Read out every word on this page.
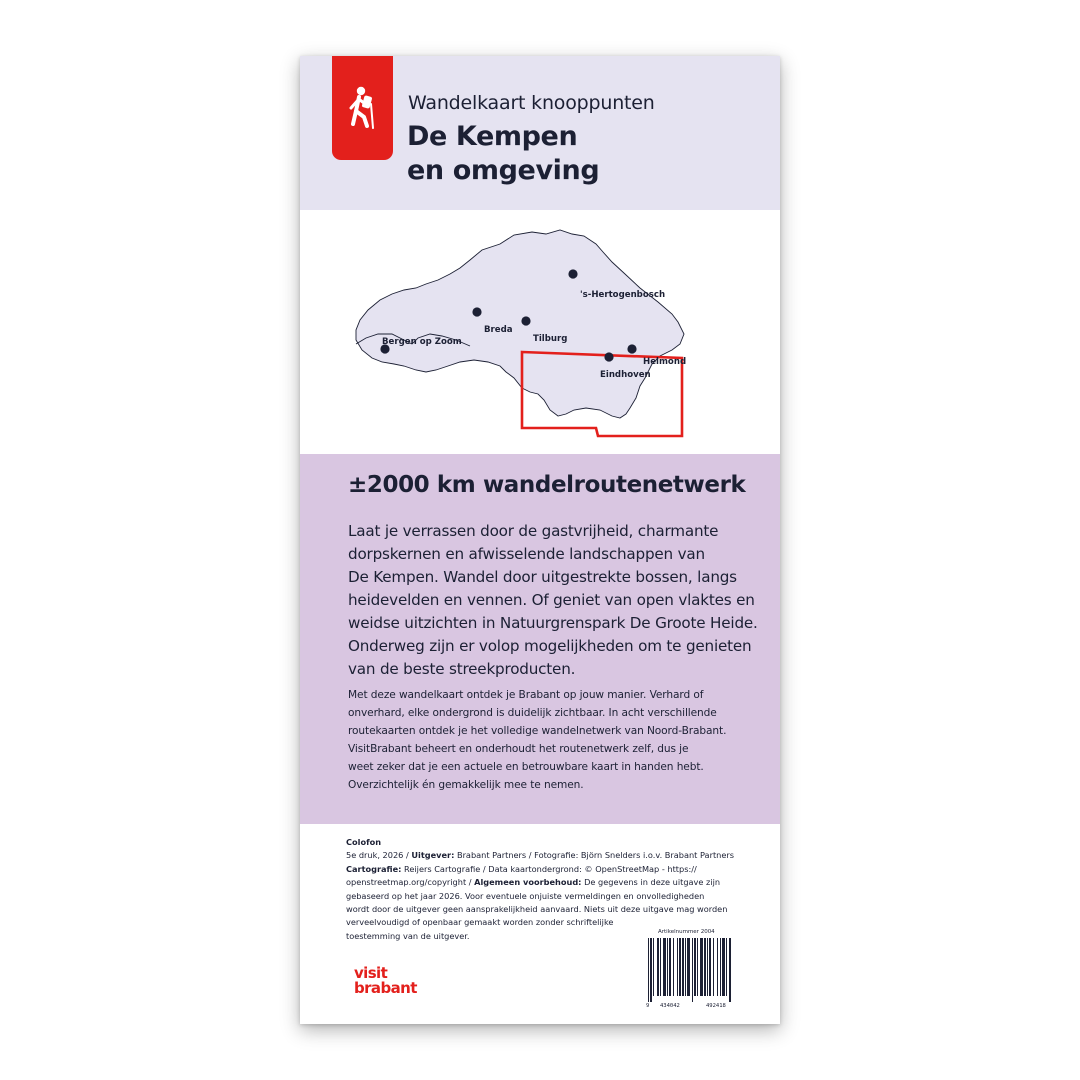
Wandelkaart knooppunten
De Kempen
en omgeving
's-Hertogenbosch
Breda
Tilburg
Bergen op Zoom
Helmond
Eindhoven
±2000 km wandelroutenetwerk
Laat je verrassen door de gastvrijheid, charmante
dorpskernen en afwisselende landschappen van
De Kempen. Wandel door uitgestrekte bossen, langs
heidevelden en vennen. Of geniet van open vlaktes en
weidse uitzichten in Natuurgrenspark De Groote Heide.
Onderweg zijn er volop mogelijkheden om te genieten
van de beste streekproducten.
Met deze wandelkaart ontdek je Brabant op jouw manier. Verhard of
onverhard, elke ondergrond is duidelijk zichtbaar. In acht verschillende
routekaarten ontdek je het volledige wandelnetwerk van Noord-Brabant.
VisitBrabant beheert en onderhoudt het routenetwerk zelf, dus je
weet zeker dat je een actuele en betrouwbare kaart in handen hebt.
Overzichtelijk én gemakkelijk mee te nemen.
Colofon
5e druk, 2026 / Uitgever: Brabant Partners / Fotografie: Björn Snelders i.o.v. Brabant Partners
Cartografie: Reijers Cartografie / Data kaartondergrond: © OpenStreetMap - https://
openstreetmap.org/copyright / Algemeen voorbehoud: De gegevens in deze uitgave zijn
gebaseerd op het jaar 2026. Voor eventuele onjuiste vermeldingen en onvolledigheden
wordt door de uitgever geen aansprakelijkheid aanvaard. Niets uit deze uitgave mag worden
verveelvoudigd of openbaar gemaakt worden zonder schriftelijke
toestemming van de uitgever.
visit
brabant
Artikelnummer 2004
9 434042	492418
